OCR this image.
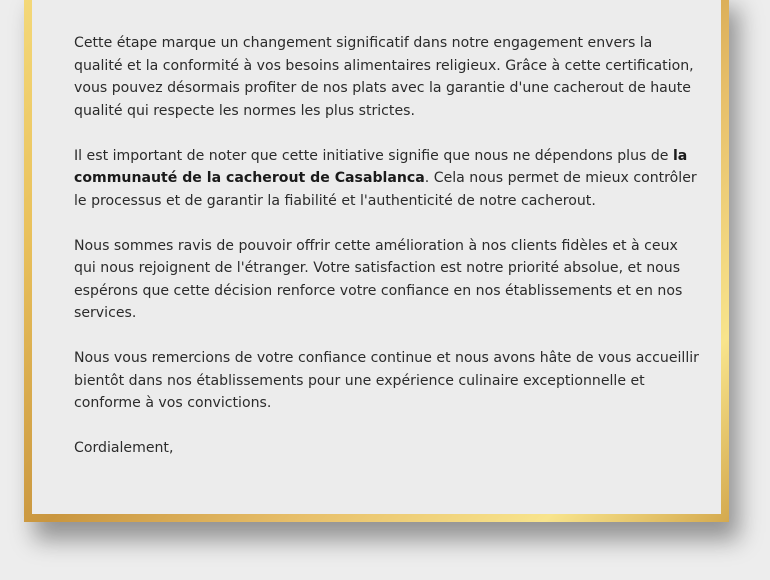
Cette étape marque un changement significatif dans notre engagement envers la qualité et la conformité à vos besoins alimentaires religieux. Grâce à cette certification, vous pouvez désormais profiter de nos plats avec la garantie d'une cacherout de haute qualité qui respecte les normes les plus strictes.

Il est important de noter que cette initiative signifie que nous ne dépendons plus de la communauté de la cacherout de Casablanca. Cela nous permet de mieux contrôler le processus et de garantir la fiabilité et l'authenticité de notre cacherout.

Nous sommes ravis de pouvoir offrir cette amélioration à nos clients fidèles et à ceux qui nous rejoignent de l'étranger. Votre satisfaction est notre priorité absolue, et nous espérons que cette décision renforce votre confiance en nos établissements et en nos services.

Nous vous remercions de votre confiance continue et nous avons hâte de vous accueillir bientôt dans nos établissements pour une expérience culinaire exceptionnelle et conforme à vos convictions.

Cordialement,
